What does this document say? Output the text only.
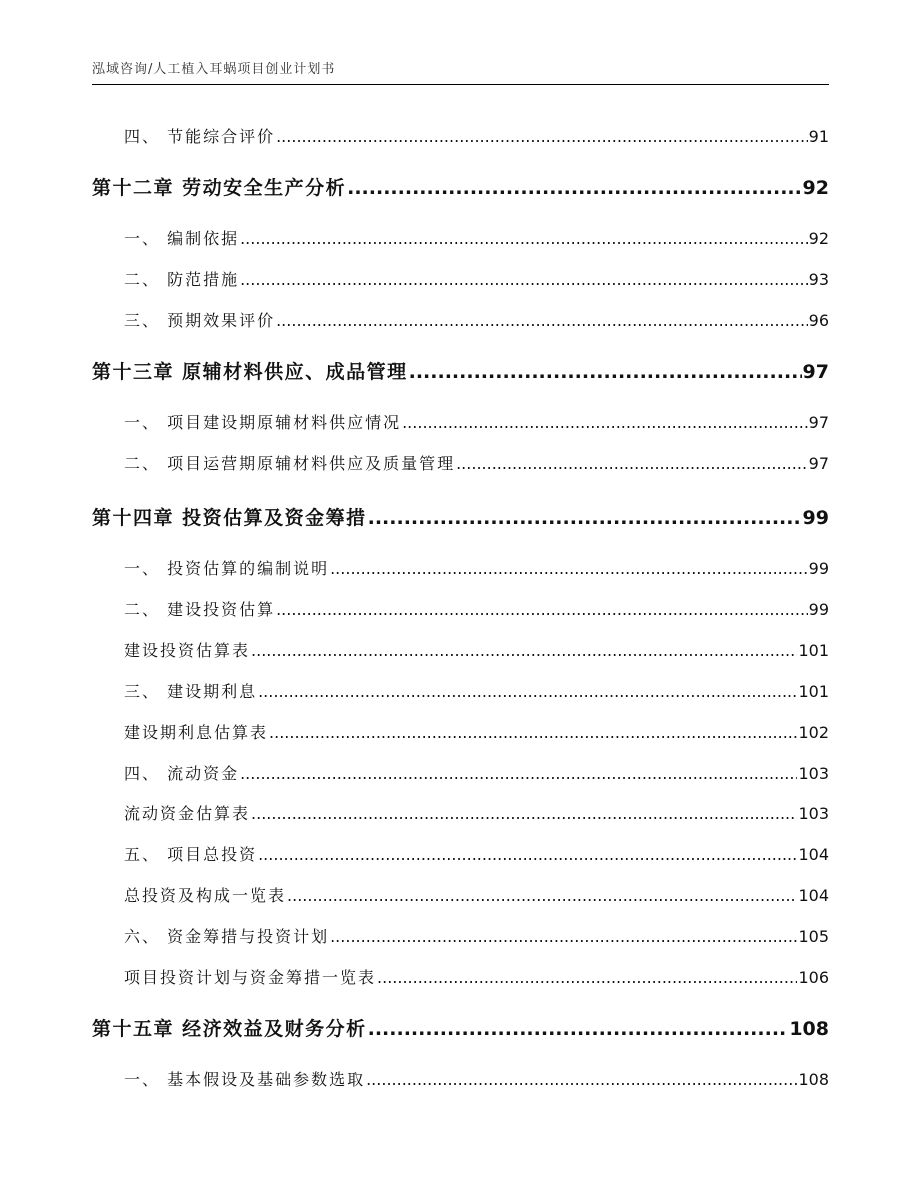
泓域咨询/人工植入耳蜗项目创业计划书
四、 节能综合评价 .....	91
第十二章 劳动安全生产分析 .....	92
一、 编制依据 .....	92
二、 防范措施 .....	93
三、 预期效果评价 .....	96
第十三章 原辅材料供应、成品管理 .....	97
一、 项目建设期原辅材料供应情况 .....	97
二、 项目运营期原辅材料供应及质量管理 .....	97
第十四章 投资估算及资金筹措 .....	99
一、 投资估算的编制说明 .....	99
二、 建设投资估算 .....	99
建设投资估算表 .....	101
三、 建设期利息 .....	101
建设期利息估算表 .....	102
四、 流动资金 .....	103
流动资金估算表 .....	103
五、 项目总投资 .....	104
总投资及构成一览表 .....	104
六、 资金筹措与投资计划 .....	105
项目投资计划与资金筹措一览表 .....	106
第十五章 经济效益及财务分析 .....	108
一、 基本假设及基础参数选取 .....	108
